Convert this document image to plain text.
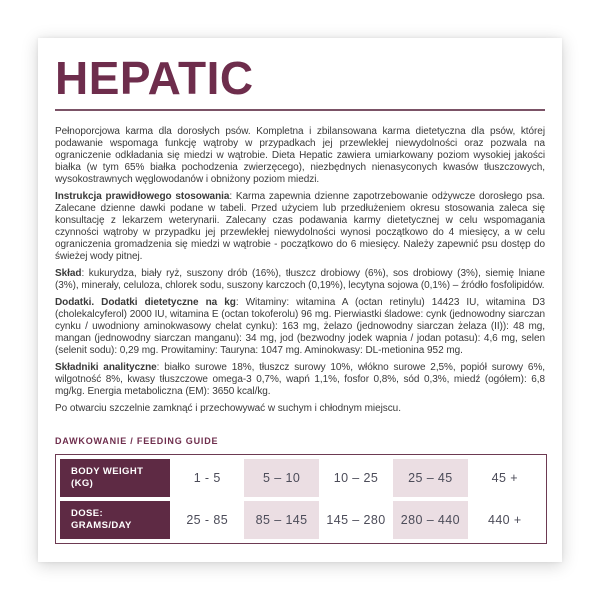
HEPATIC

Pełnoporcjowa karma dla dorosłych psów. Kompletna i zbilansowana karma dietetyczna dla psów, której podawanie wspomaga funkcję wątroby w przypadkach jej przewlekłej niewydolności oraz pozwala na ograniczenie odkładania się miedzi w wątrobie. Dieta Hepatic zawiera umiarkowany poziom wysokiej jakości białka (w tym 65% białka pochodzenia zwierzęcego), niezbędnych nienasyconych kwasów tłuszczowych, wysokostrawnych węglowodanów i obniżony poziom miedzi.

Instrukcja prawidłowego stosowania: Karma zapewnia dzienne zapotrzebowanie odżywcze dorosłego psa. Zalecane dzienne dawki podane w tabeli. Przed użyciem lub przedłużeniem okresu stosowania zaleca się konsultację z lekarzem weterynarii. Zalecany czas podawania karmy dietetycznej w celu wspomagania czynności wątroby w przypadku jej przewlekłej niewydolności wynosi początkowo do 4 miesięcy, a w celu ograniczenia gromadzenia się miedzi w wątrobie - początkowo do 6 miesięcy. Należy zapewnić psu dostęp do świeżej wody pitnej.

Skład: kukurydza, biały ryż, suszony drób (16%), tłuszcz drobiowy (6%), sos drobiowy (3%), siemię lniane (3%), minerały, celuloza, chlorek sodu, suszony karczoch (0,19%), lecytyna sojowa (0,1%) – źródło fosfolipidów.

Dodatki. Dodatki dietetyczne na kg: Witaminy: witamina A (octan retinylu) 14423 IU, witamina D3 (cholekalcyferol) 2000 IU, witamina E (octan tokoferolu) 96 mg. Pierwiastki śladowe: cynk (jednowodny siarczan cynku / uwodniony aminokwasowy chelat cynku): 163 mg, żelazo (jednowodny siarczan żelaza (II)): 48 mg, mangan (jednowodny siarczan manganu): 34 mg, jod (bezwodny jodek wapnia / jodan potasu): 4,6 mg, selen (selenit sodu): 0,29 mg. Prowitaminy: Tauryna: 1047 mg. Aminokwasy: DL-metionina 952 mg.

Składniki analityczne: białko surowe 18%, tłuszcz surowy 10%, włókno surowe 2,5%, popiół surowy 6%, wilgotność 8%, kwasy tłuszczowe omega-3 0,7%, wapń 1,1%, fosfor 0,8%, sód 0,3%, miedź (ogółem): 6,8 mg/kg. Energia metaboliczna (EM): 3650 kcal/kg.

Po otwarciu szczelnie zamknąć i przechowywać w suchym i chłodnym miejscu.

DAWKOWANIE / FEEDING GUIDE
BODY WEIGHT
(KG)	1 - 5	5 – 10	10 – 25	25 – 45	45 +
DOSE:
GRAMS/DAY	25 - 85	85 – 145	145 – 280	280 – 440	440 +
